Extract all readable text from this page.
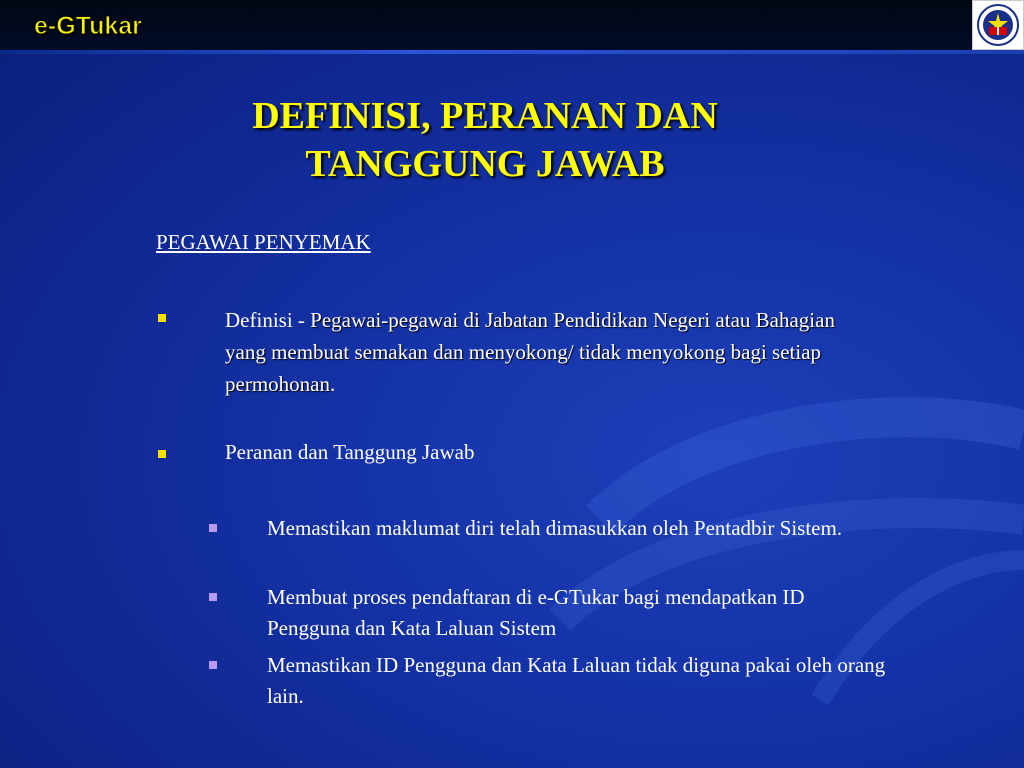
e-GTukar
DEFINISI, PERANAN DAN
TANGGUNG JAWAB
PEGAWAI PENYEMAK
Definisi - Pegawai-pegawai di Jabatan Pendidikan Negeri atau Bahagian yang membuat semakan dan menyokong/ tidak menyokong bagi setiap permohonan.
Peranan dan Tanggung Jawab
Memastikan maklumat diri telah dimasukkan oleh Pentadbir Sistem.
Membuat proses pendaftaran di e-GTukar bagi mendapatkan ID Pengguna dan Kata Laluan Sistem
Memastikan ID Pengguna dan Kata Laluan tidak diguna pakai oleh orang lain.
